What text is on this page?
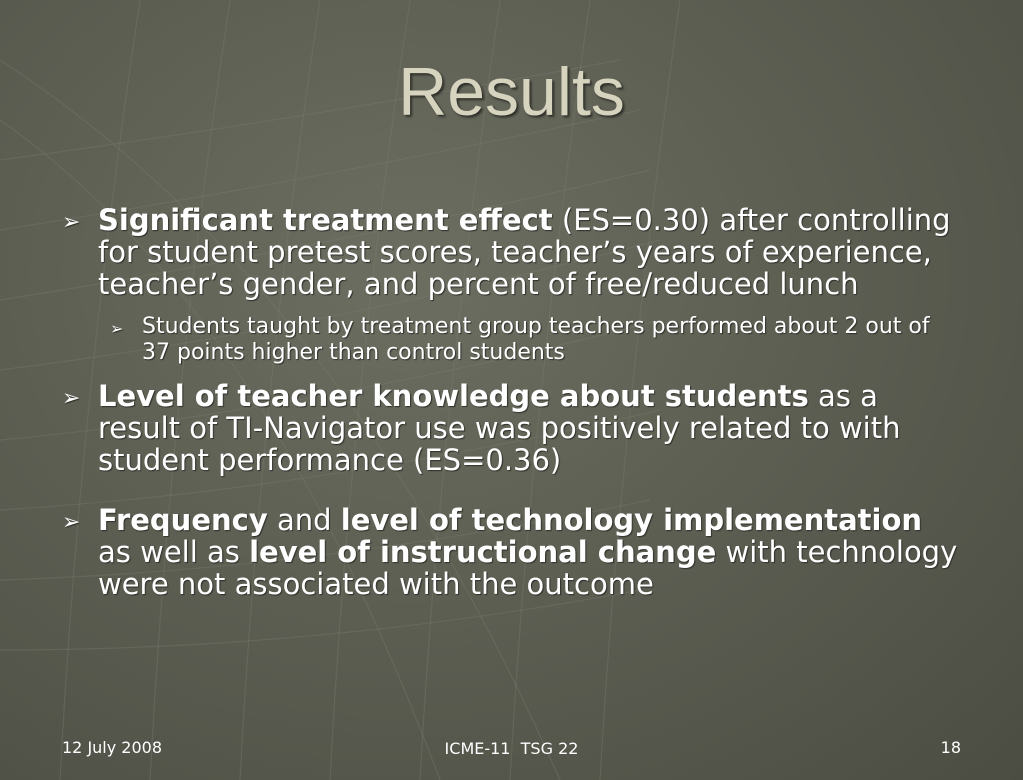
Results
➢ Significant treatment effect (ES=0.30) after controlling for student pretest scores, teacher’s years of experience, teacher’s gender, and percent of free/reduced lunch
➢ Students taught by treatment group teachers performed about 2 out of 37 points higher than control students
➢ Level of teacher knowledge about students as a result of TI-Navigator use was positively related to with student performance (ES=0.36)
➢ Frequency and level of technology implementation as well as level of instructional change with technology were not associated with the outcome
12 July 2008	ICME-11  TSG 22	18
